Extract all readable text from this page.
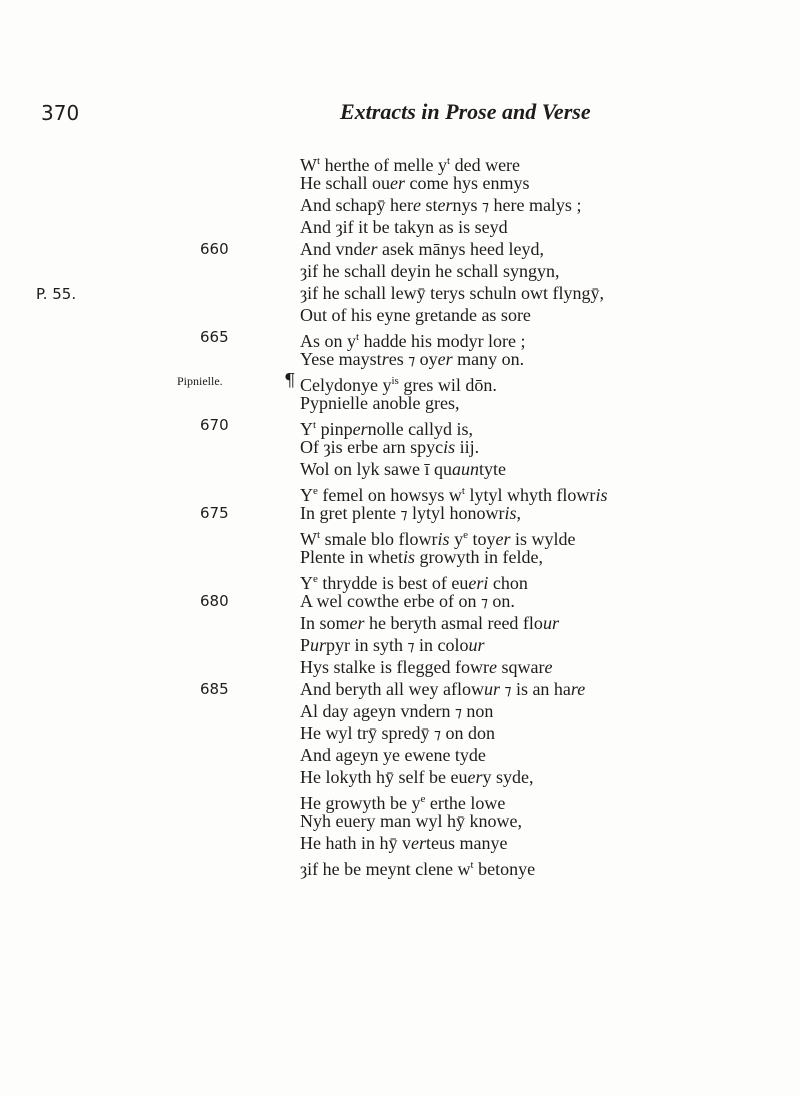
370	Extracts in Prose and Verse
P. 55.
Pipnielle.	¶
660
665
670
675
680
685
$W^t$ herthe of melle $y^t$ ded were
He schall ouer come hys enmys
And schapȳ here sternys ⁊ here malys ;
And ȝif it be takyn as is seyd
And vnder asek mānys heed leyd,
ȝif he schall deyin he schall syngyn,
ȝif he schall lewȳ terys schuln owt flyngȳ,
Out of his eyne gretande as sore
As on $y^t$ hadde his modyr lore ;
Yese maystres ⁊ oyer many on.
Celydonye $y^{is}$ gres wil dōn.
Pypnielle anoble gres,
$Y^t$ pinpernolle callyd is,
Of ȝis erbe arn spycis iij.
Wol on lyk sawe ī quauntyte
$Y^e$ femel on howsys $w^t$ lytyl whyth flowris
In gret plente ⁊ lytyl honowris,
$W^t$ smale blo flowris $y^e$ toyer is wylde
Plente in whetis growyth in felde,
$Y^e$ thrydde is best of eueri chon
A wel cowthe erbe of on ⁊ on.
In somer he beryth asmal reed flour
Purpyr in syth ⁊ in colour
Hys stalke is flegged fowre sqware
And beryth all wey aflowur ⁊ is an hare
Al day ageyn vndern ⁊ non
He wyl trȳ spredȳ ⁊ on don
And ageyn ye ewene tyde
He lokyth hȳ self be euery syde,
He growyth be $y^e$ erthe lowe
Nyh euery man wyl hȳ knowe,
He hath in hȳ verteus manye
ȝif he be meynt clene $w^t$ betonye
